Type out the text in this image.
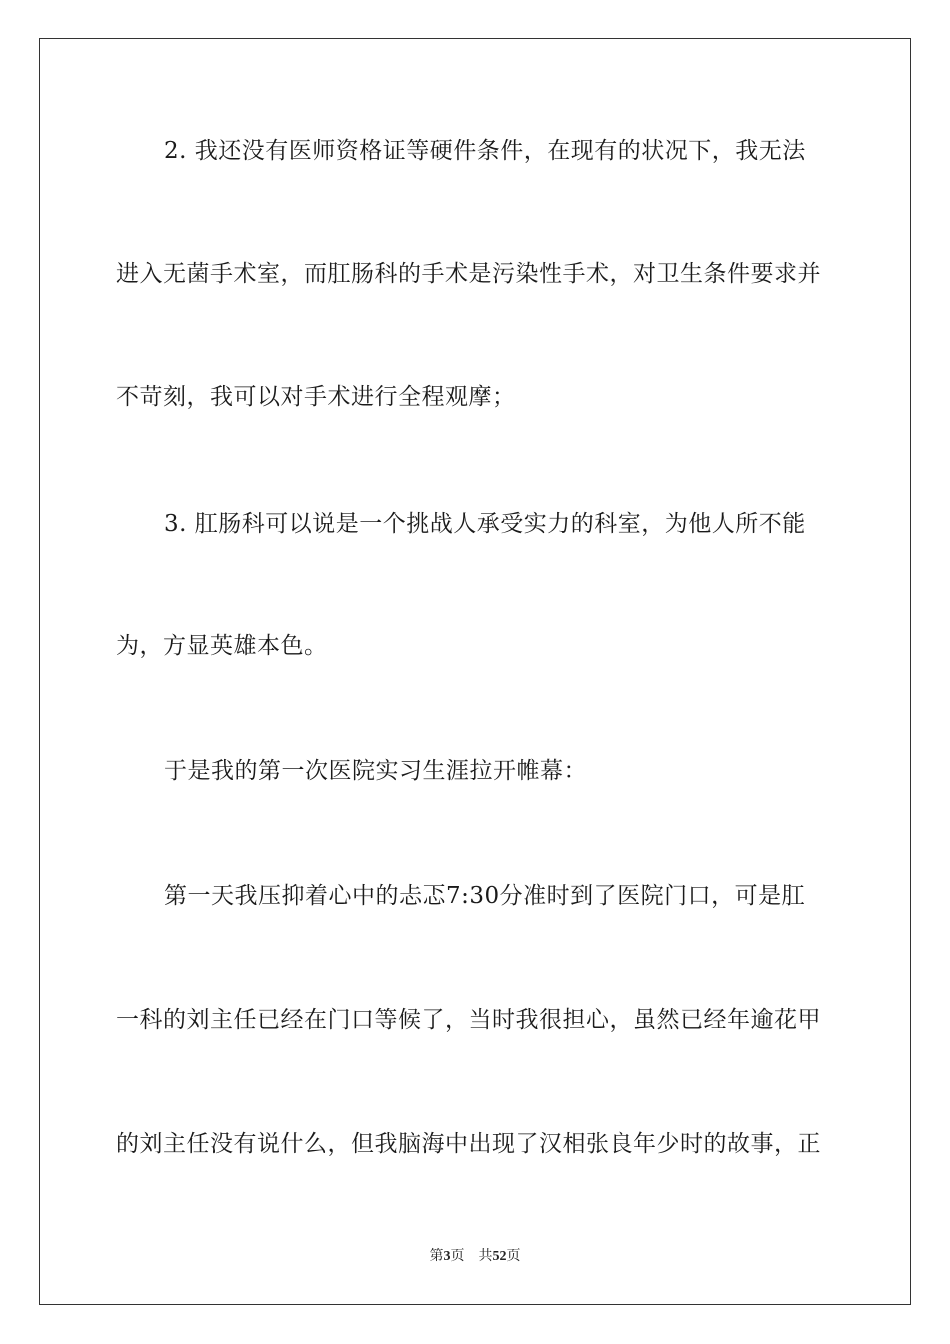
2. 我还没有医师资格证等硬件条件，在现有的状况下，我无法
进入无菌手术室，而肛肠科的手术是污染性手术，对卫生条件要求并
不苛刻，我可以对手术进行全程观摩；
3. 肛肠科可以说是一个挑战人承受实力的科室，为他人所不能
为，方显英雄本色。
于是我的第一次医院实习生涯拉开帷幕：
第一天我压抑着心中的忐忑7:30分准时到了医院门口，可是肛
一科的刘主任已经在门口等候了，当时我很担心，虽然已经年逾花甲
的刘主任没有说什么，但我脑海中出现了汉相张良年少时的故事，正
第3页　共52页
